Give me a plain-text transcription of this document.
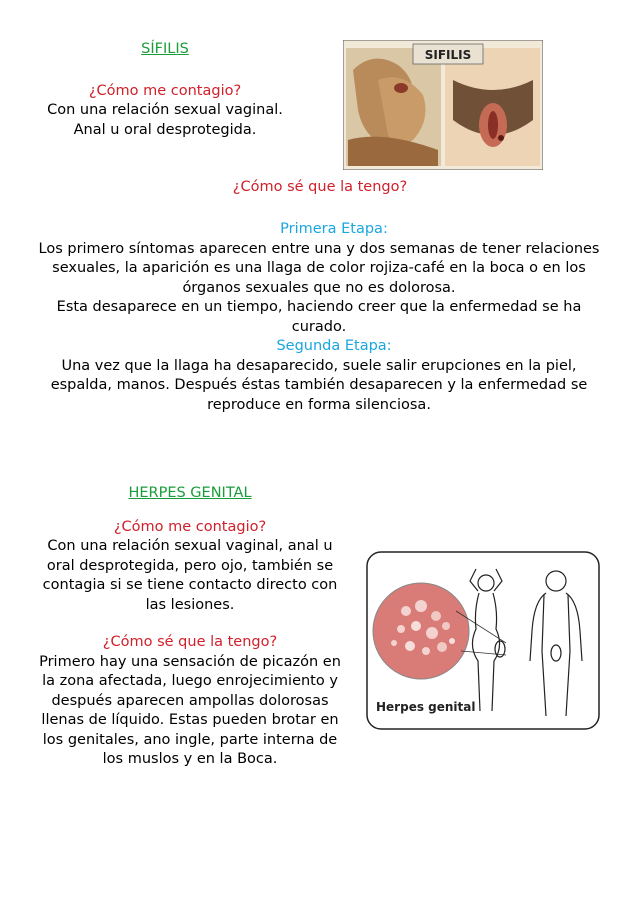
SÍFILIS
¿Cómo me contagio?
Con una relación sexual vaginal.
Anal u oral desprotegida.
SIFILIS
¿Cómo sé que la tengo?
Primera Etapa:
Los primero síntomas aparecen entre una y dos semanas de tener relaciones
sexuales, la aparición es una llaga de color rojiza-café en la boca o en los
órganos sexuales que no es dolorosa.
Esta desaparece en un tiempo, haciendo creer que la enfermedad se ha
curado.
Segunda Etapa:
Una vez que la llaga ha desaparecido, suele salir erupciones en la piel,
espalda, manos. Después éstas también desaparecen y la enfermedad se
reproduce en forma silenciosa.
HERPES GENITAL
¿Cómo me contagio?
Con una relación sexual vaginal, anal u
oral desprotegida, pero ojo, también se
contagia si se tiene contacto directo con
las lesiones.
¿Cómo sé que la tengo?
Primero hay una sensación de picazón en
la zona afectada, luego enrojecimiento y
después aparecen ampollas dolorosas
llenas de líquido. Estas pueden brotar en
los genitales, ano ingle, parte interna de
los muslos y en la Boca.
Herpes genital
